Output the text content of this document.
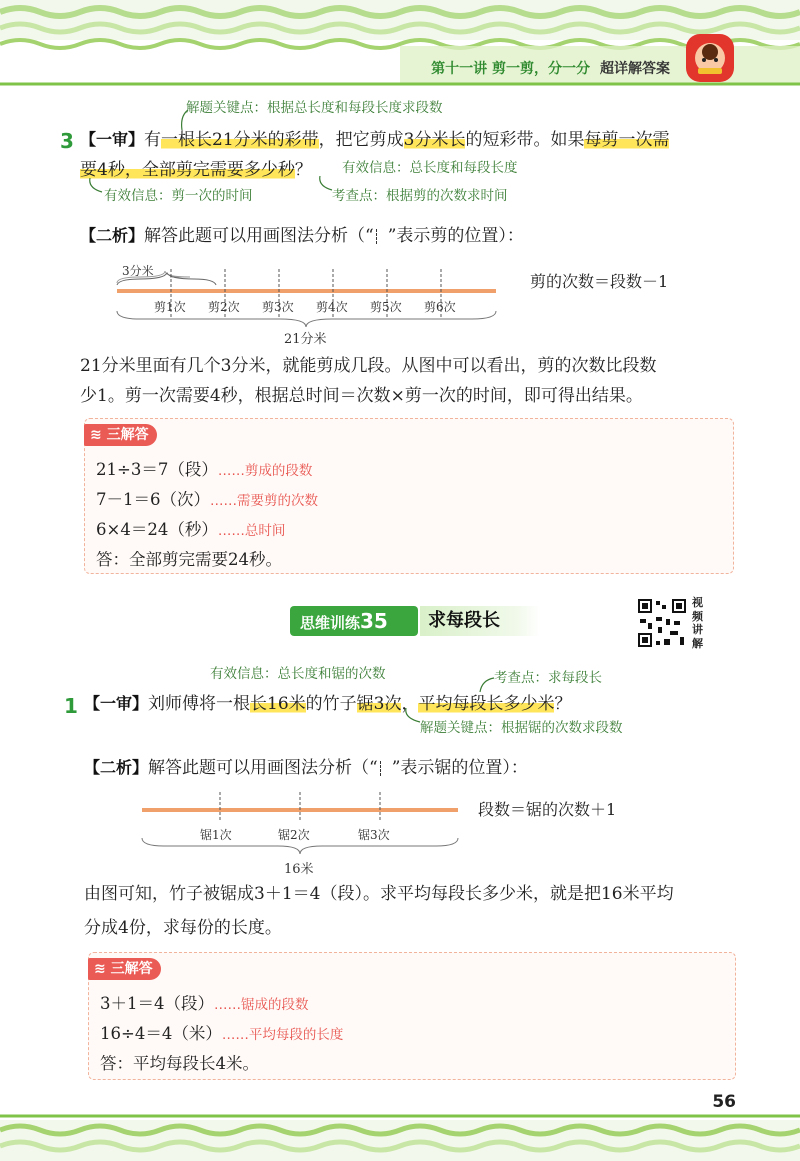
第十一讲 剪一剪，分一分 超详解答案
解题关键点：根据总长度和每段长度求段数
3 【一审】有一根长21分米的彩带，把它剪成3分米长的短彩带。如果每剪一次需
要4秒，全部剪完需要多少秒？ 有效信息：总长度和每段长度
有效信息：剪一次的时间	考查点：根据剪的次数求时间
【二析】解答此题可以用画图法分析（“ ”表示剪的位置）：
3分米
剪1次 剪2次 剪3次 剪4次 剪5次 剪6次
21分米
剪的次数＝段数－1
21分米里面有几个3分米，就能剪成几段。从图中可以看出，剪的次数比段数
少1。剪一次需要4秒，根据总时间＝次数×剪一次的时间，即可得出结果。
≋ 三解答
21÷3＝7（段）……剪成的段数
7－1＝6（次）……需要剪的次数
6×4＝24（秒）……总时间
答：全部剪完需要24秒。
思维训练35	求每段长
视频讲解
有效信息：总长度和锯的次数	考查点：求每段长
1 【一审】刘师傅将一根长16米的竹子锯3次，平均每段长多少米？
解题关键点：根据锯的次数求段数
【二析】解答此题可以用画图法分析（“ ”表示锯的位置）：
锯1次	锯2次	锯3次
16米
段数＝锯的次数＋1
由图可知，竹子被锯成3＋1＝4（段）。求平均每段长多少米，就是把16米平均
分成4份，求每份的长度。
≋ 三解答
3＋1＝4（段）……锯成的段数
16÷4＝4（米）……平均每段的长度
答：平均每段长4米。
56
